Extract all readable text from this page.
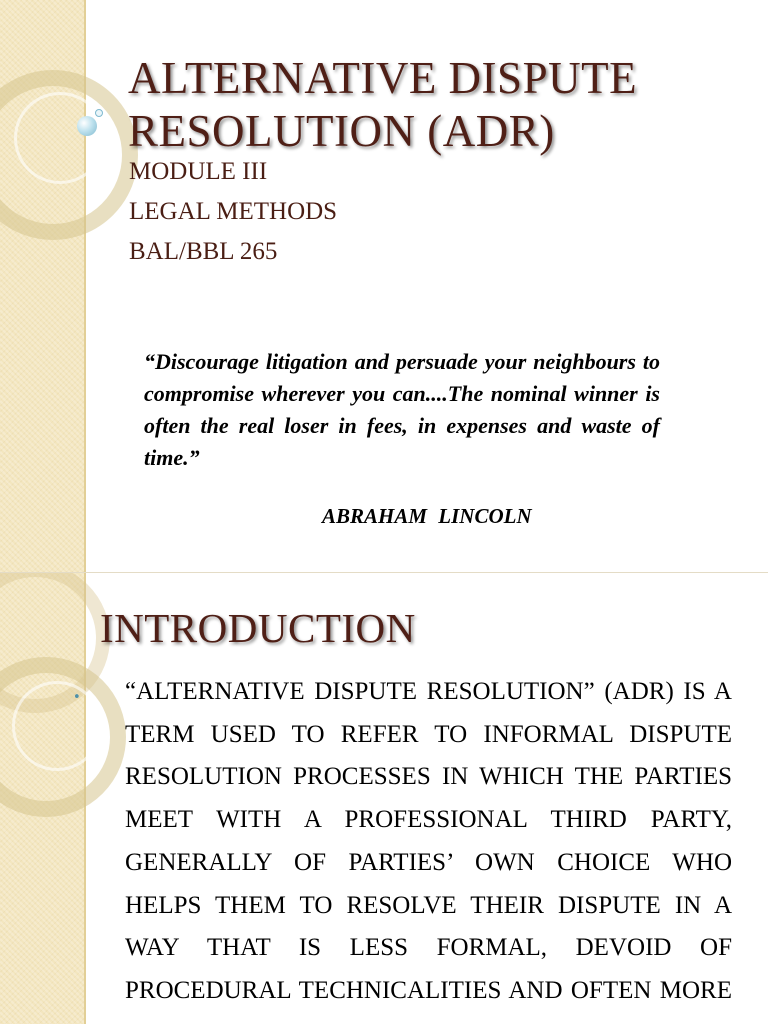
ALTERNATIVE DISPUTE RESOLUTION (ADR)
MODULE III
LEGAL METHODS
BAL/BBL 265

“Discourage litigation and persuade your neighbours to compromise wherever you can....The nominal winner is often the real loser in fees, in expenses and waste of time.”

ABRAHAM LINCOLN
INTRODUCTION
• “ALTERNATIVE DISPUTE RESOLUTION” (ADR) IS A TERM USED TO REFER TO INFORMAL DISPUTE RESOLUTION PROCESSES IN WHICH THE PARTIES MEET WITH A PROFESSIONAL THIRD PARTY, GENERALLY OF PARTIES’ OWN CHOICE WHO HELPS THEM TO RESOLVE THEIR DISPUTE IN A WAY THAT IS LESS FORMAL, DEVOID OF PROCEDURAL TECHNICALITIES AND OFTEN MORE
